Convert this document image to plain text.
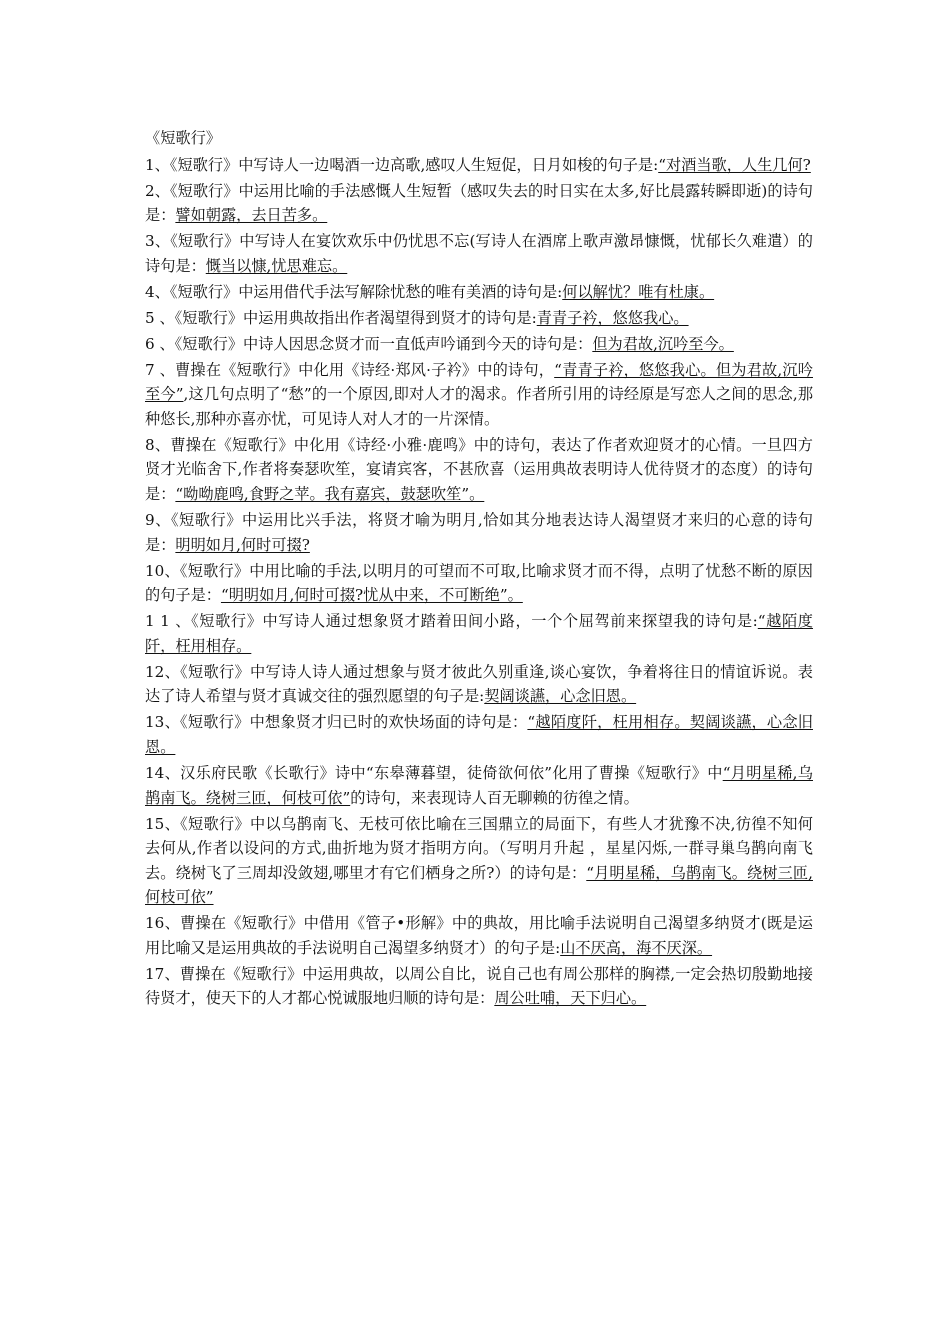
《短歌行》
1、《短歌行》中写诗人一边喝酒一边高歌,感叹人生短促，日月如梭的句子是:“对酒当歌，人生几何?
2、《短歌行》中运用比喻的手法感慨人生短暂（感叹失去的时日实在太多,好比晨露转瞬即逝)的诗句是：譬如朝露，去日苦多。
3、《短歌行》中写诗人在宴饮欢乐中仍忧思不忘(写诗人在酒席上歌声激昂慷慨，忧郁长久难遣）的诗句是：慨当以慷,忧思难忘。
4、《短歌行》中运用借代手法写解除忧愁的唯有美酒的诗句是:何以解忧？唯有杜康。
5 、《短歌行》中运用典故指出作者渴望得到贤才的诗句是:青青子衿，悠悠我心。
6 、《短歌行》中诗人因思念贤才而一直低声吟诵到今天的诗句是：但为君故,沉吟至今。
7 、曹操在《短歌行》中化用《诗经·郑风·子衿》中的诗句，“青青子衿，悠悠我心。但为君故,沉吟至今”,这几句点明了“愁”的一个原因,即对人才的渴求。作者所引用的诗经原是写恋人之间的思念,那种悠长,那种亦喜亦忧，可见诗人对人才的一片深情。
8、曹操在《短歌行》中化用《诗经·小雅·鹿鸣》中的诗句，表达了作者欢迎贤才的心情。一旦四方贤才光临舍下,作者将奏瑟吹笙，宴请宾客，不甚欣喜（运用典故表明诗人优待贤才的态度）的诗句是：“呦呦鹿鸣,食野之苹。我有嘉宾，鼓瑟吹笙”。
9、《短歌行》中运用比兴手法，将贤才喻为明月,恰如其分地表达诗人渴望贤才来归的心意的诗句是：明明如月,何时可掇?
10、《短歌行》中用比喻的手法,以明月的可望而不可取,比喻求贤才而不得，点明了忧愁不断的原因的句子是：“明明如月,何时可掇?忧从中来，不可断绝”。
1 1 、《短歌行》中写诗人通过想象贤才踏着田间小路，一个个屈驾前来探望我的诗句是:“越陌度阡，枉用相存。
12、《短歌行》中写诗人诗人通过想象与贤才彼此久别重逢,谈心宴饮，争着将往日的情谊诉说。表达了诗人希望与贤才真诚交往的强烈愿望的句子是:契阔谈讌，心念旧恩。
13、《短歌行》中想象贤才归已时的欢快场面的诗句是：“越陌度阡，枉用相存。契阔谈讌，心念旧恩。
14、汉乐府民歌《长歌行》诗中“东皋薄暮望，徒倚欲何依”化用了曹操《短歌行》中“月明星稀,乌鹊南飞。绕树三匝，何枝可依”的诗句，来表现诗人百无聊赖的彷徨之情。
15、《短歌行》中以乌鹊南飞、无枝可依比喻在三国鼎立的局面下，有些人才犹豫不决,彷徨不知何去何从,作者以设问的方式,曲折地为贤才指明方向。（写明月升起 ，星星闪烁,一群寻巢乌鹊向南飞去。绕树飞了三周却没敛翅,哪里才有它们栖身之所?）的诗句是：“月明星稀，乌鹊南飞。绕树三匝,何枝可依”
16、曹操在《短歌行》中借用《管子•形解》中的典故，用比喻手法说明自己渴望多纳贤才(既是运用比喻又是运用典故的手法说明自己渴望多纳贤才）的句子是:山不厌高，海不厌深。
17、曹操在《短歌行》中运用典故，以周公自比，说自己也有周公那样的胸襟,一定会热切殷勤地接待贤才，使天下的人才都心悦诚服地归顺的诗句是：周公吐哺，天下归心。
